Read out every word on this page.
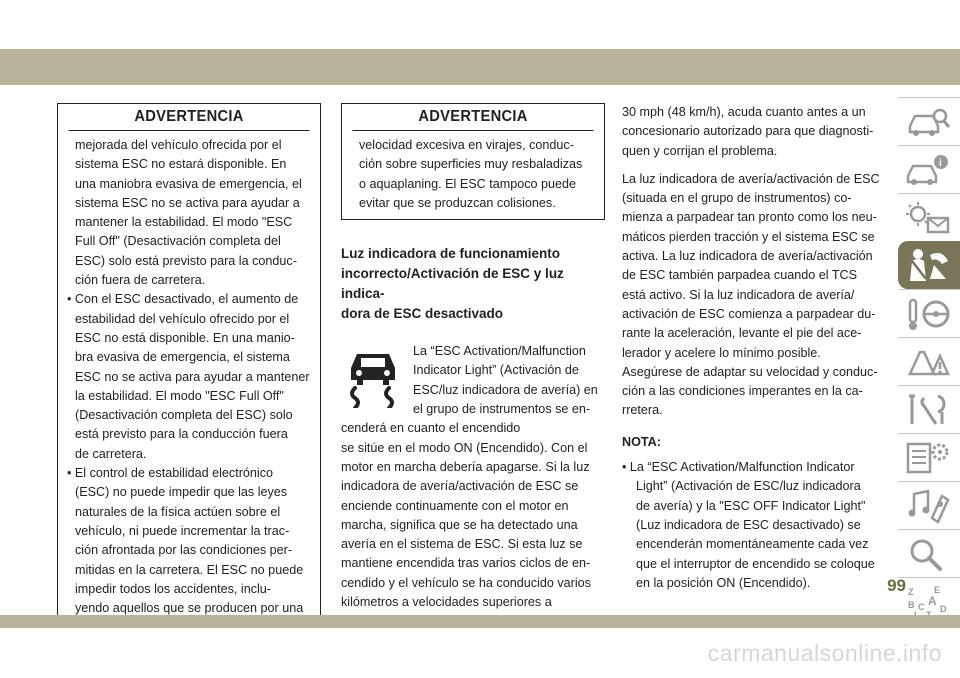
ADVERTENCIA
mejorada del vehículo ofrecida por el
sistema ESC no estará disponible. En
una maniobra evasiva de emergencia, el
sistema ESC no se activa para ayudar a
mantener la estabilidad. El modo "ESC
Full Off" (Desactivación completa del
ESC) solo está previsto para la conduc-
ción fuera de carretera.
• Con el ESC desactivado, el aumento de
estabilidad del vehículo ofrecido por el
ESC no está disponible. En una manio-
bra evasiva de emergencia, el sistema
ESC no se activa para ayudar a mantener
la estabilidad. El modo "ESC Full Off"
(Desactivación completa del ESC) solo
está previsto para la conducción fuera
de carretera.
• El control de estabilidad electrónico
(ESC) no puede impedir que las leyes
naturales de la física actúen sobre el
vehículo, ni puede incrementar la trac-
ción afrontada por las condiciones per-
mitidas en la carretera. El ESC no puede
impedir todos los accidentes, inclu-
yendo aquellos que se producen por una
ADVERTENCIA
velocidad excesiva en virajes, conduc-
ción sobre superficies muy resbaladizas
o aquaplaning. El ESC tampoco puede
evitar que se produzcan colisiones.
Luz indicadora de funcionamiento
incorrecto/Activación de ESC y luz indica-
dora de ESC desactivado
La “ESC Activation/Malfunction
Indicator Light” (Activación de
ESC/luz indicadora de avería) en
el grupo de instrumentos se en-
cenderá en cuanto el encendido
se sitúe en el modo ON (Encendido). Con el
motor en marcha debería apagarse. Si la luz
indicadora de avería/activación de ESC se
enciende continuamente con el motor en
marcha, significa que se ha detectado una
avería en el sistema de ESC. Si esta luz se
mantiene encendida tras varios ciclos de en-
cendido y el vehículo se ha conducido varios
kilómetros a velocidades superiores a

30 mph (48 km/h), acuda cuanto antes a un
concesionario autorizado para que diagnosti-
quen y corrijan el problema.

La luz indicadora de avería/activación de ESC
(situada en el grupo de instrumentos) co-
mienza a parpadear tan pronto como los neu-
máticos pierden tracción y el sistema ESC se
activa. La luz indicadora de avería/activación
de ESC también parpadea cuando el TCS
está activo. Si la luz indicadora de avería/
activación de ESC comienza a parpadear du-
rante la aceleración, levante el pie del ace-
lerador y acelere lo mínimo posible.
Asegúrese de adaptar su velocidad y conduc-
ción a las condiciones imperantes en la ca-
rretera.

NOTA:
• La “ESC Activation/Malfunction Indicator
Light” (Activación de ESC/luz indicadora
de avería) y la "ESC OFF Indicator Light"
(Luz indicadora de ESC desactivado) se
encenderán momentáneamente cada vez
que el interruptor de encendido se coloque
en la posición ON (Encendido).
i
Z E
A
B C D
99
carmanualsonline.info
